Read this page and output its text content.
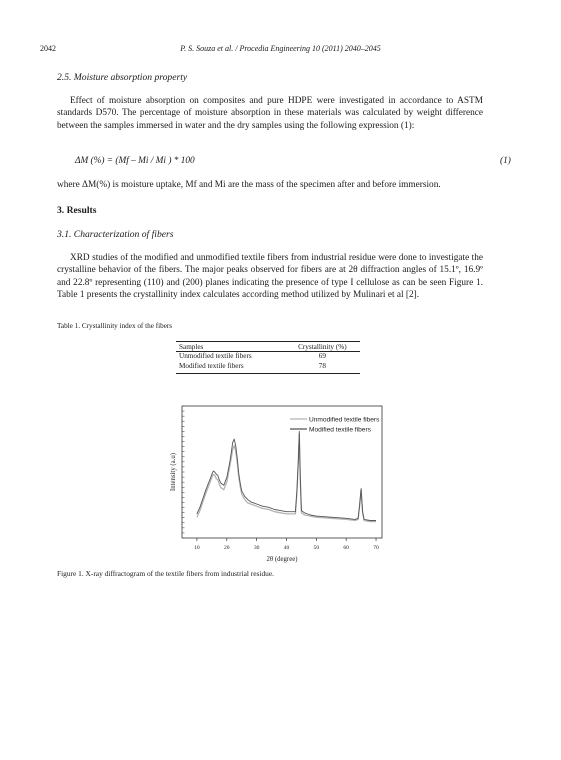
2042	P. S. Souza et al. / Procedia Engineering 10 (2011) 2040–2045
2.5. Moisture absorption property

Effect of moisture absorption on composites and pure HDPE were investigated in accordance to ASTM standards D570. The percentage of moisture absorption in these materials was calculated by weight difference between the samples immersed in water and the dry samples using the following expression (1):

ΔM (%) = (Mf – Mi / Mi ) * 100	(1)
where ΔM(%) is moisture uptake, Mf and Mi are the mass of the specimen after and before immersion.
3. Results
3.1. Characterization of fibers

XRD studies of the modified and unmodified textile fibers from industrial residue were done to investigate the crystalline behavior of the fibers. The major peaks observed for fibers are at 2θ diffraction angles of 15.1º, 16.9º and 22.8º representing (110) and (200) planes indicating the presence of type I cellulose as can be seen Figure 1. Table 1 presents the crystallinity index calculates according method utilized by Mulinari et al [2].

Table 1. Crystallinity index of the fibers
Samples	Crystallinity (%)
Unmodified textile fibers	69
Modified textile fibers	78
10	20	30	40	50	60	70
Unmodified textile fibers
Modified textile fibers
2θ (degree)
Intensity (a.u)
Figure 1. X-ray diffractogram of the textile fibers from industrial residue.
